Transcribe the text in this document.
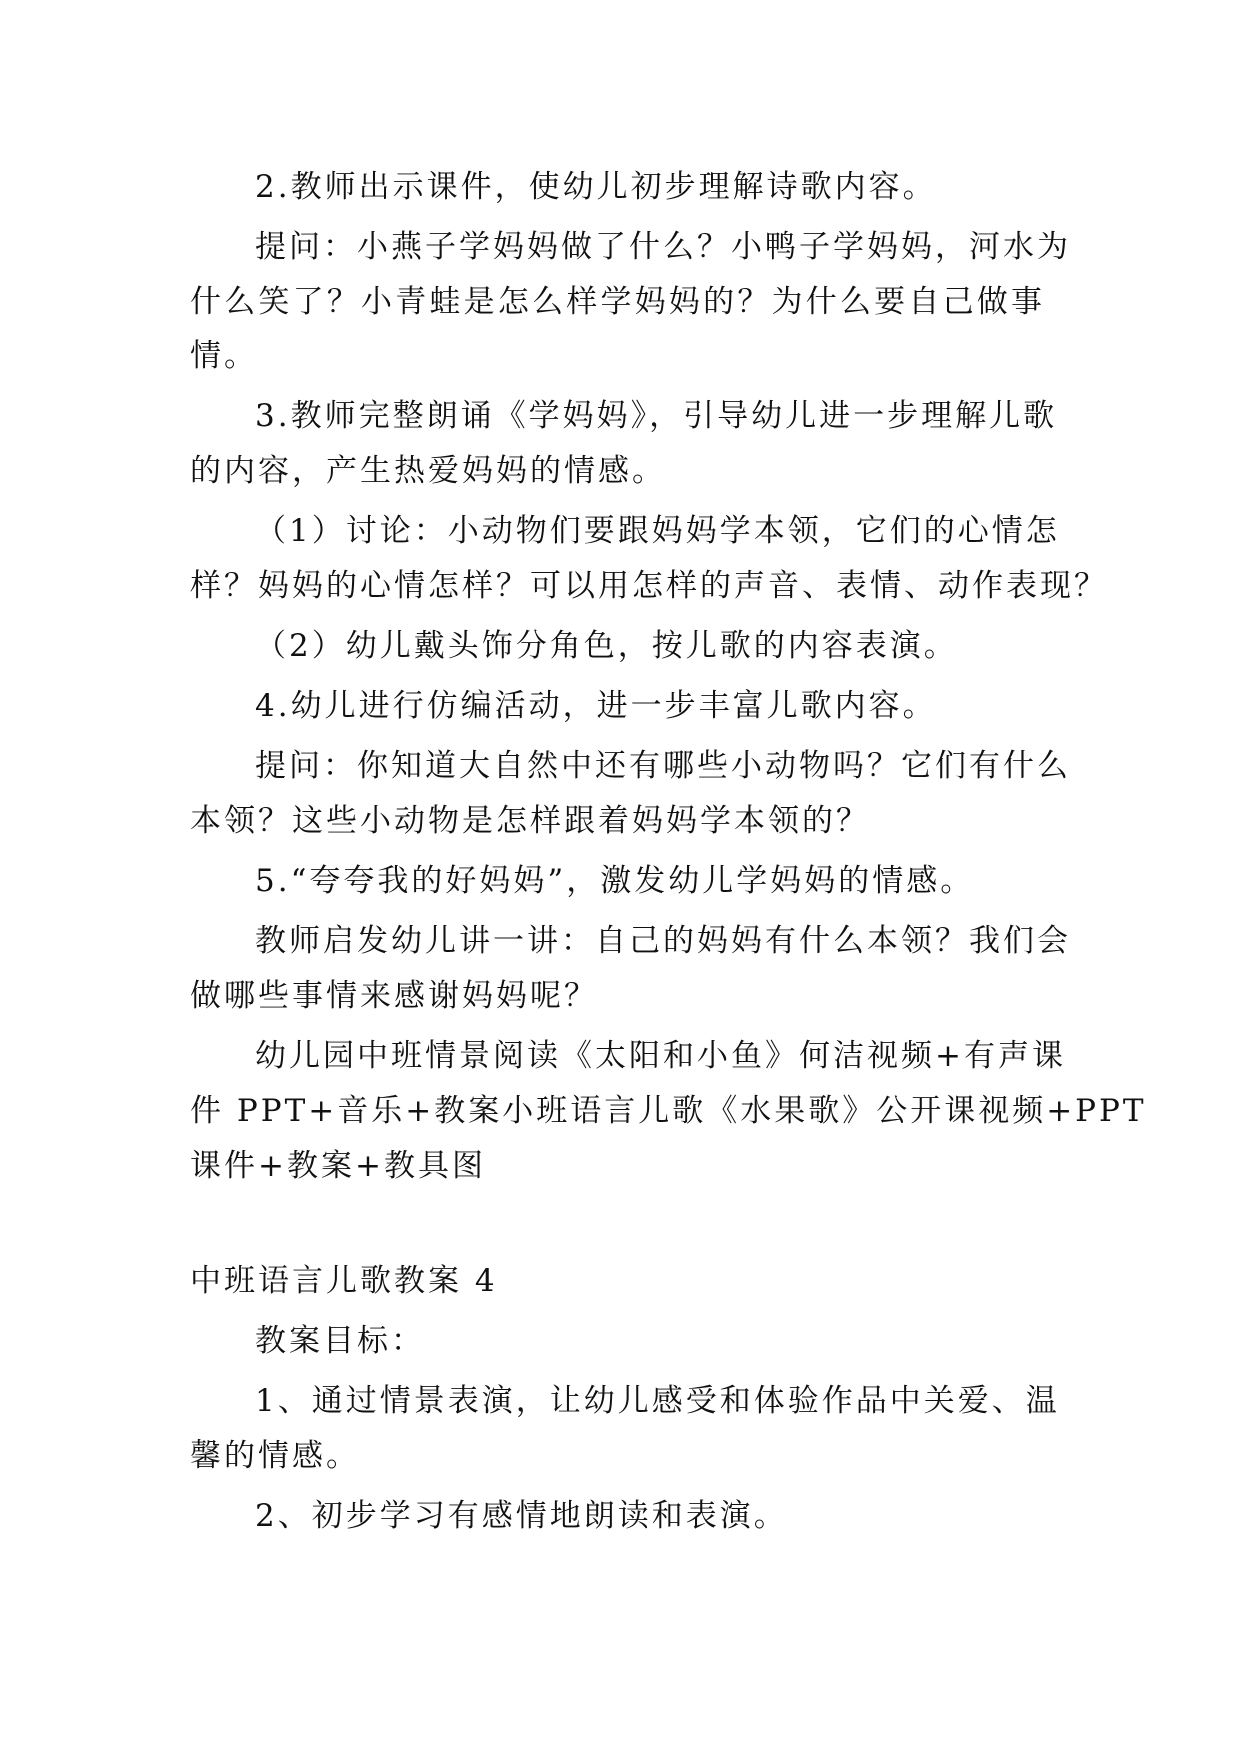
2.教师出示课件，使幼儿初步理解诗歌内容。
提问：小燕子学妈妈做了什么？小鸭子学妈妈，河水为
什么笑了？小青蛙是怎么样学妈妈的？为什么要自己做事
情。
3.教师完整朗诵《学妈妈》，引导幼儿进一步理解儿歌
的内容，产生热爱妈妈的情感。
（1）讨论：小动物们要跟妈妈学本领，它们的心情怎
样？妈妈的心情怎样？可以用怎样的声音、表情、动作表现？
（2）幼儿戴头饰分角色，按儿歌的内容表演。
4.幼儿进行仿编活动，进一步丰富儿歌内容。
提问：你知道大自然中还有哪些小动物吗？它们有什么
本领？这些小动物是怎样跟着妈妈学本领的？
5.“夸夸我的好妈妈”，激发幼儿学妈妈的情感。
教师启发幼儿讲一讲：自己的妈妈有什么本领？我们会
做哪些事情来感谢妈妈呢？
幼儿园中班情景阅读《太阳和小鱼》何洁视频+有声课
件 PPT+音乐+教案小班语言儿歌《水果歌》公开课视频+PPT
课件+教案+教具图
中班语言儿歌教案 4
教案目标：
1、通过情景表演，让幼儿感受和体验作品中关爱、温
馨的情感。
2、初步学习有感情地朗读和表演。
